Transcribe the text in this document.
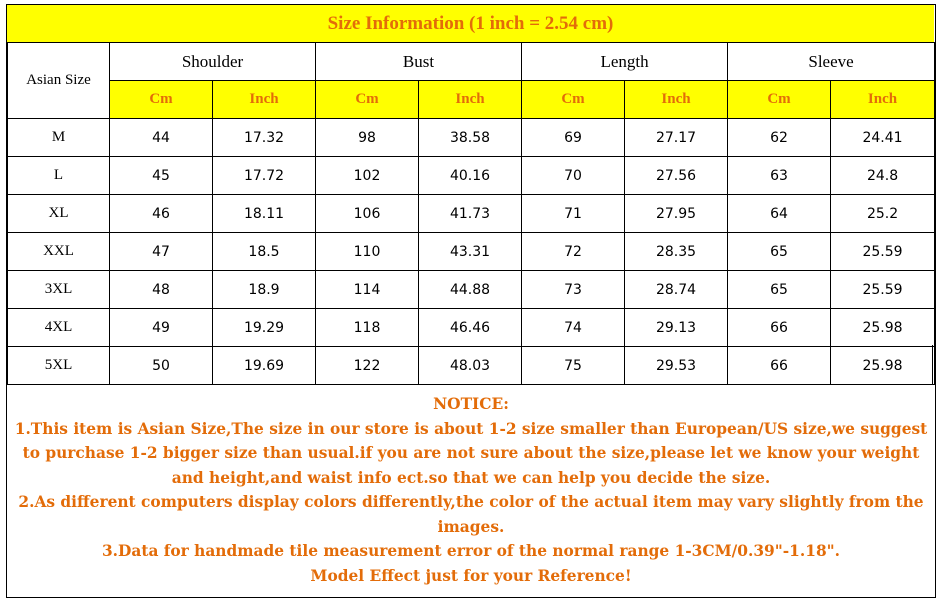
Size Information (1 inch = 2.54 cm)
Asian Size	Shoulder		Bust		Length		Sleeve	
	Cm	Inch	Cm	Inch	Cm	Inch	Cm	Inch
M	44	17.32	98	38.58	69	27.17	62	24.41
L	45	17.72	102	40.16	70	27.56	63	24.8
XL	46	18.11	106	41.73	71	27.95	64	25.2
XXL	47	18.5	110	43.31	72	28.35	65	25.59
3XL	48	18.9	114	44.88	73	28.74	65	25.59
4XL	49	19.29	118	46.46	74	29.13	66	25.98
5XL	50	19.69	122	48.03	75	29.53	66	25.98
NOTICE:
1.This item is Asian Size,The size in our store is about 1-2 size smaller than European/US size,we suggest
to purchase 1-2 bigger size than usual.if you are not sure about the size,please let we know your weight
and height,and waist info ect.so that we can help you decide the size.
2.As different computers display colors differently,the color of the actual item may vary slightly from the
images.
3.Data for handmade tile measurement error of the normal range 1-3CM/0.39"-1.18".
Model Effect just for your Reference!
